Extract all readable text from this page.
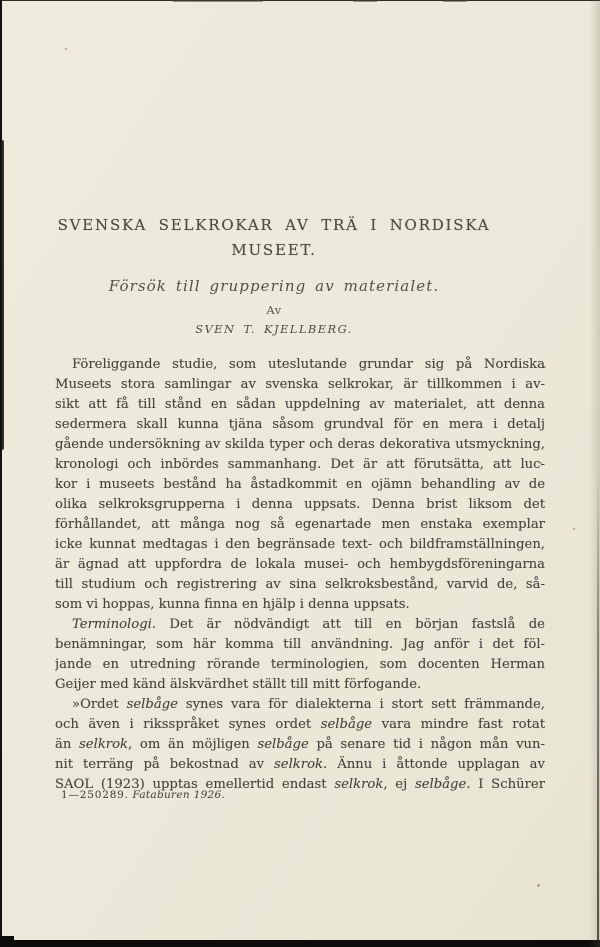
SVENSKA SELKROKAR AV TRÄ I NORDISKA
MUSEET.
Försök till gruppering av materialet.
Av
SVEN T. KJELLBERG.
Föreliggande studie, som uteslutande grundar sig på Nordiska
Museets stora samlingar av svenska selkrokar, är tillkommen i av-
sikt att få till stånd en sådan uppdelning av materialet, att denna
sedermera skall kunna tjäna såsom grundval för en mera i detalj
gående undersökning av skilda typer och deras dekorativa utsmyckning,
kronologi och inbördes sammanhang. Det är att förutsätta, att luc-
kor i museets bestånd ha åstadkommit en ojämn behandling av de
olika selkroksgrupperna i denna uppsats. Denna brist liksom det
förhållandet, att många nog så egenartade men enstaka exemplar
icke kunnat medtagas i den begränsade text- och bildframställningen,
är ägnad att uppfordra de lokala musei- och hembygdsföreningarna
till studium och registrering av sina selkroksbestånd, varvid de, så-
som vi hoppas, kunna finna en hjälp i denna uppsats.
Terminologi. Det är nödvändigt att till en början fastslå de
benämningar, som här komma till användning. Jag anför i det föl-
jande en utredning rörande terminologien, som docenten Herman
Geijer med känd älskvärdhet ställt till mitt förfogande.
»Ordet selbåge synes vara för dialekterna i stort sett främmande,
och även i riksspråket synes ordet selbåge vara mindre fast rotat
än selkrok, om än möjligen selbåge på senare tid i någon mån vun-
nit terräng på bekostnad av selkrok. Ännu i åttonde upplagan av
SAOL (1923) upptas emellertid endast selkrok, ej selbåge. I Schürer
1—250289. Fataburen 1926.
